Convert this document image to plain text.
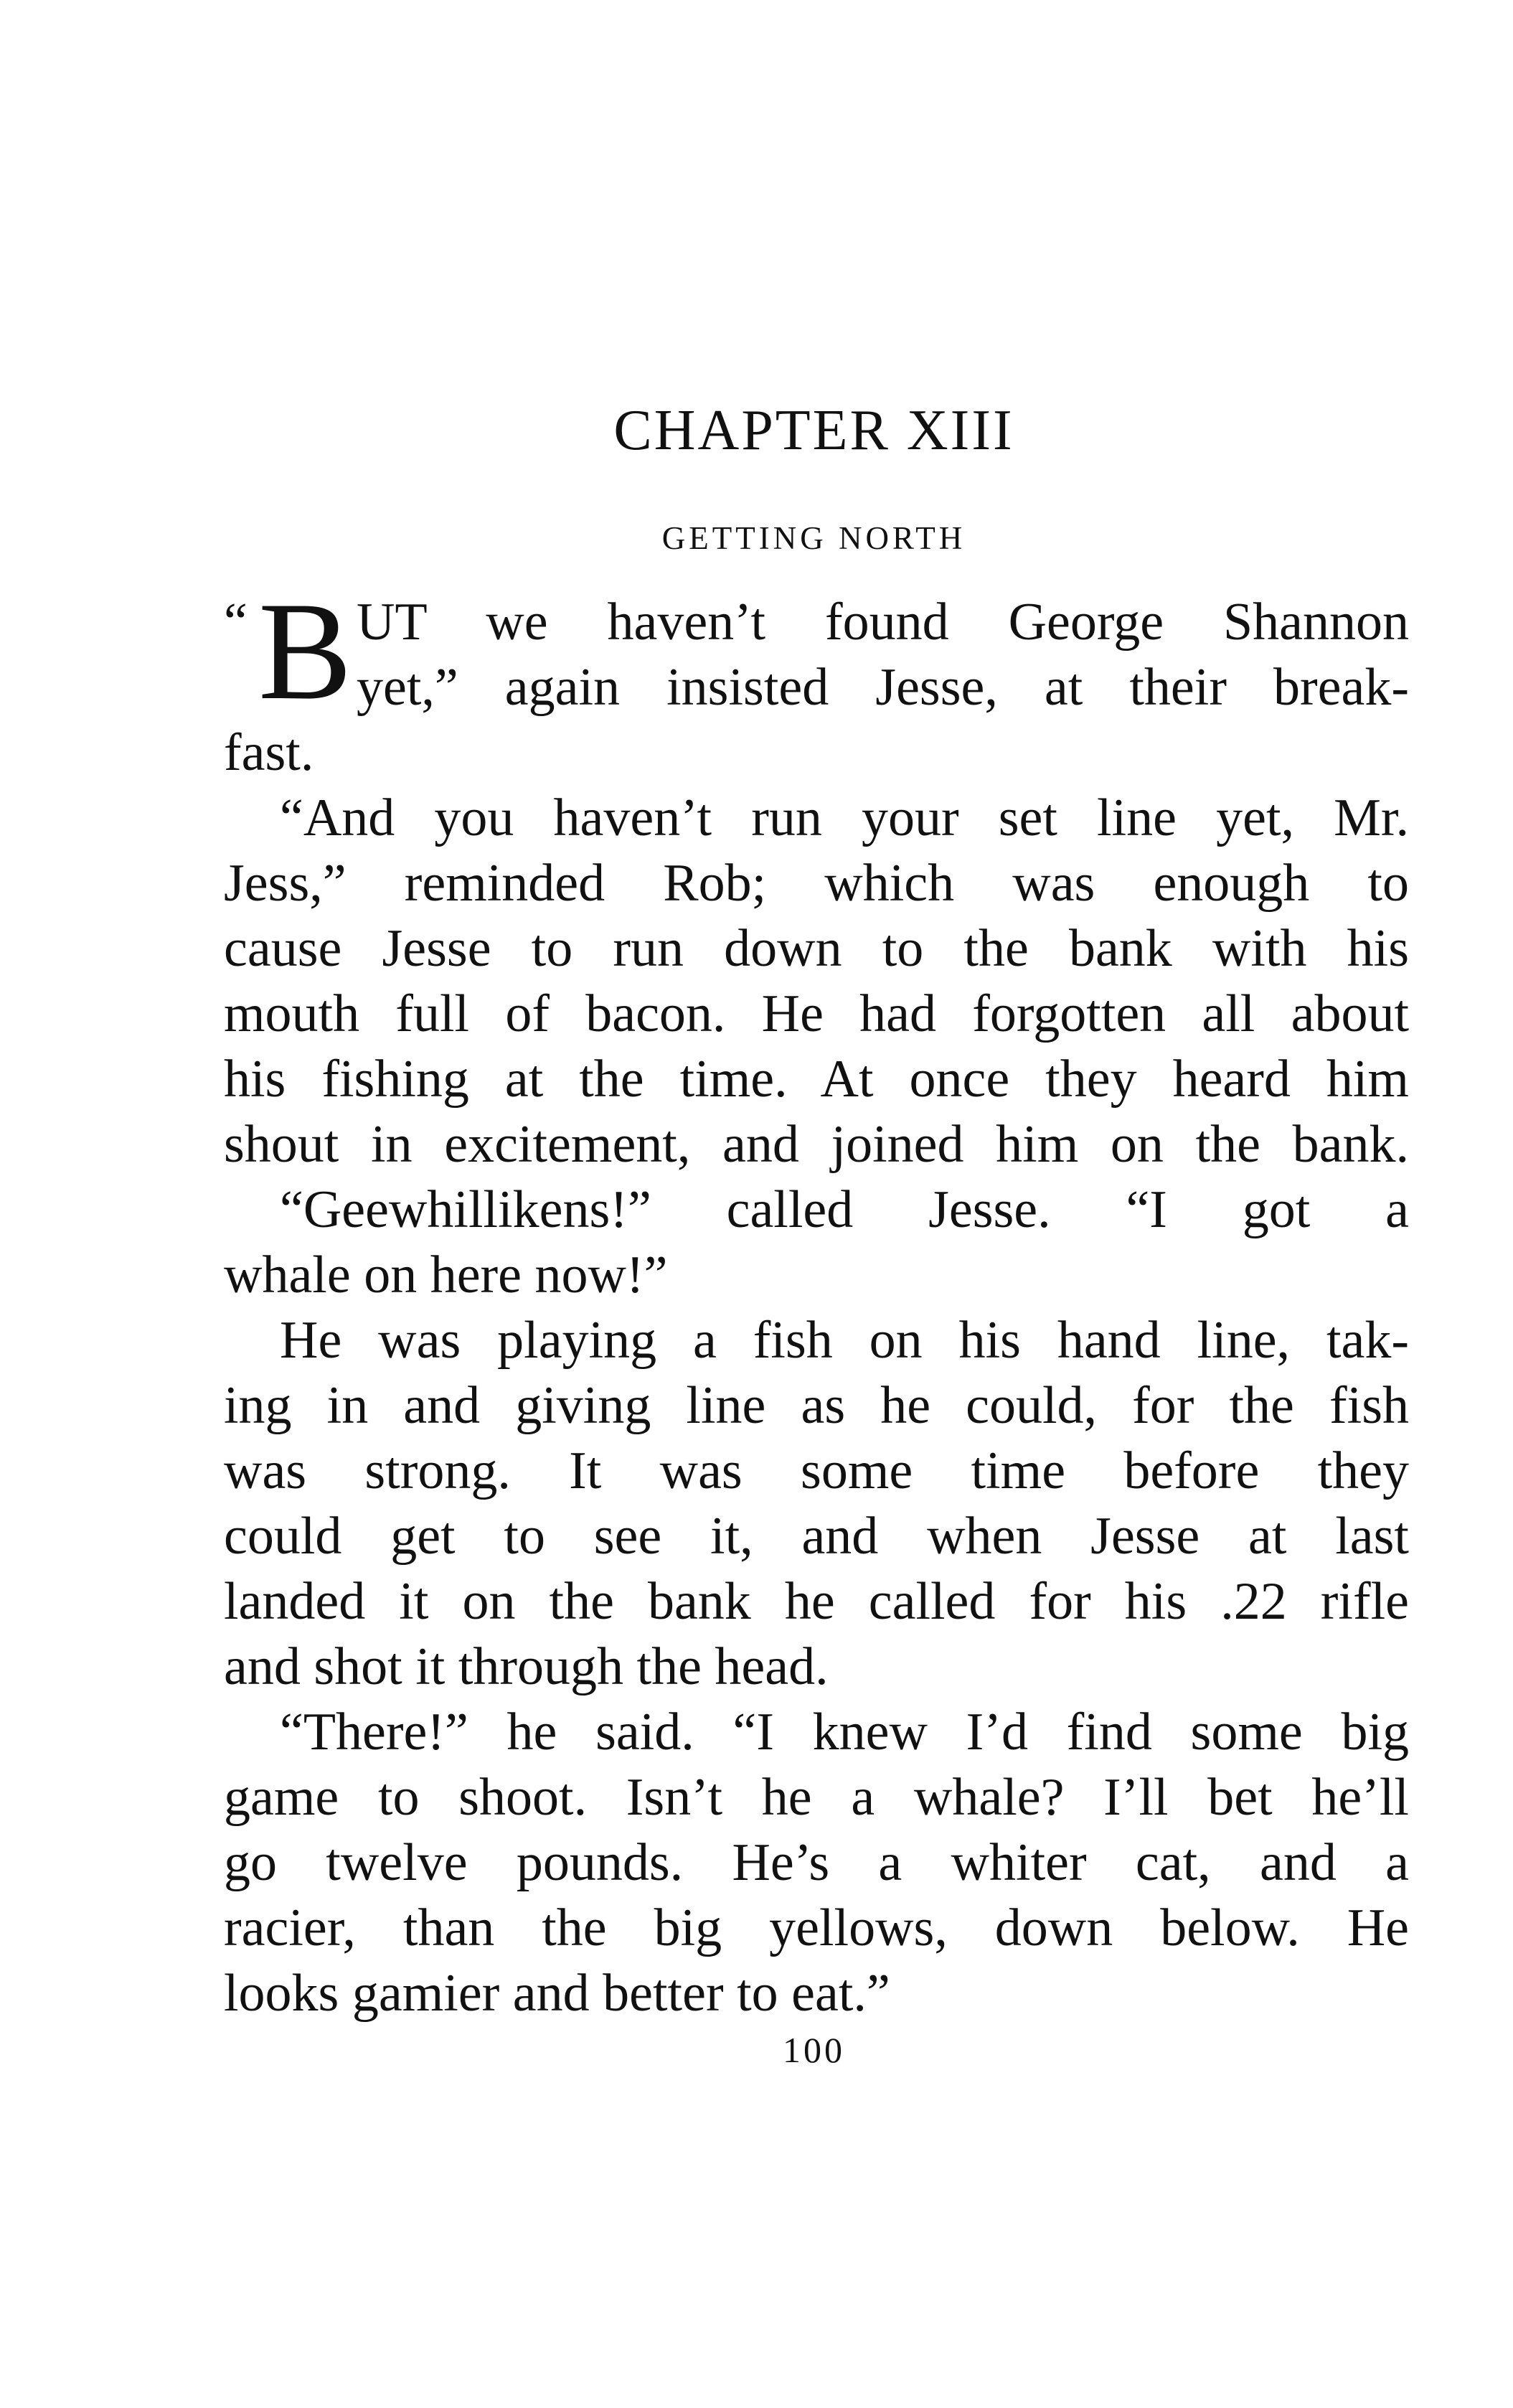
CHAPTER XIII
GETTING NORTH
“ B UT we haven’t found George Shannon
yet,” again insisted Jesse, at their break-
fast.
“And you haven’t run your set line yet, Mr.
Jess,” reminded Rob; which was enough to
cause Jesse to run down to the bank with his
mouth full of bacon. He had forgotten all about
his fishing at the time. At once they heard him
shout in excitement, and joined him on the bank.
“Geewhillikens!” called Jesse. “I got a
whale on here now!”
He was playing a fish on his hand line, tak-
ing in and giving line as he could, for the fish
was strong. It was some time before they
could get to see it, and when Jesse at last
landed it on the bank he called for his .22 rifle
and shot it through the head.
“There!” he said. “I knew I’d find some big
game to shoot. Isn’t he a whale? I’ll bet he’ll
go twelve pounds. He’s a whiter cat, and a
racier, than the big yellows, down below. He
looks gamier and better to eat.”
100
